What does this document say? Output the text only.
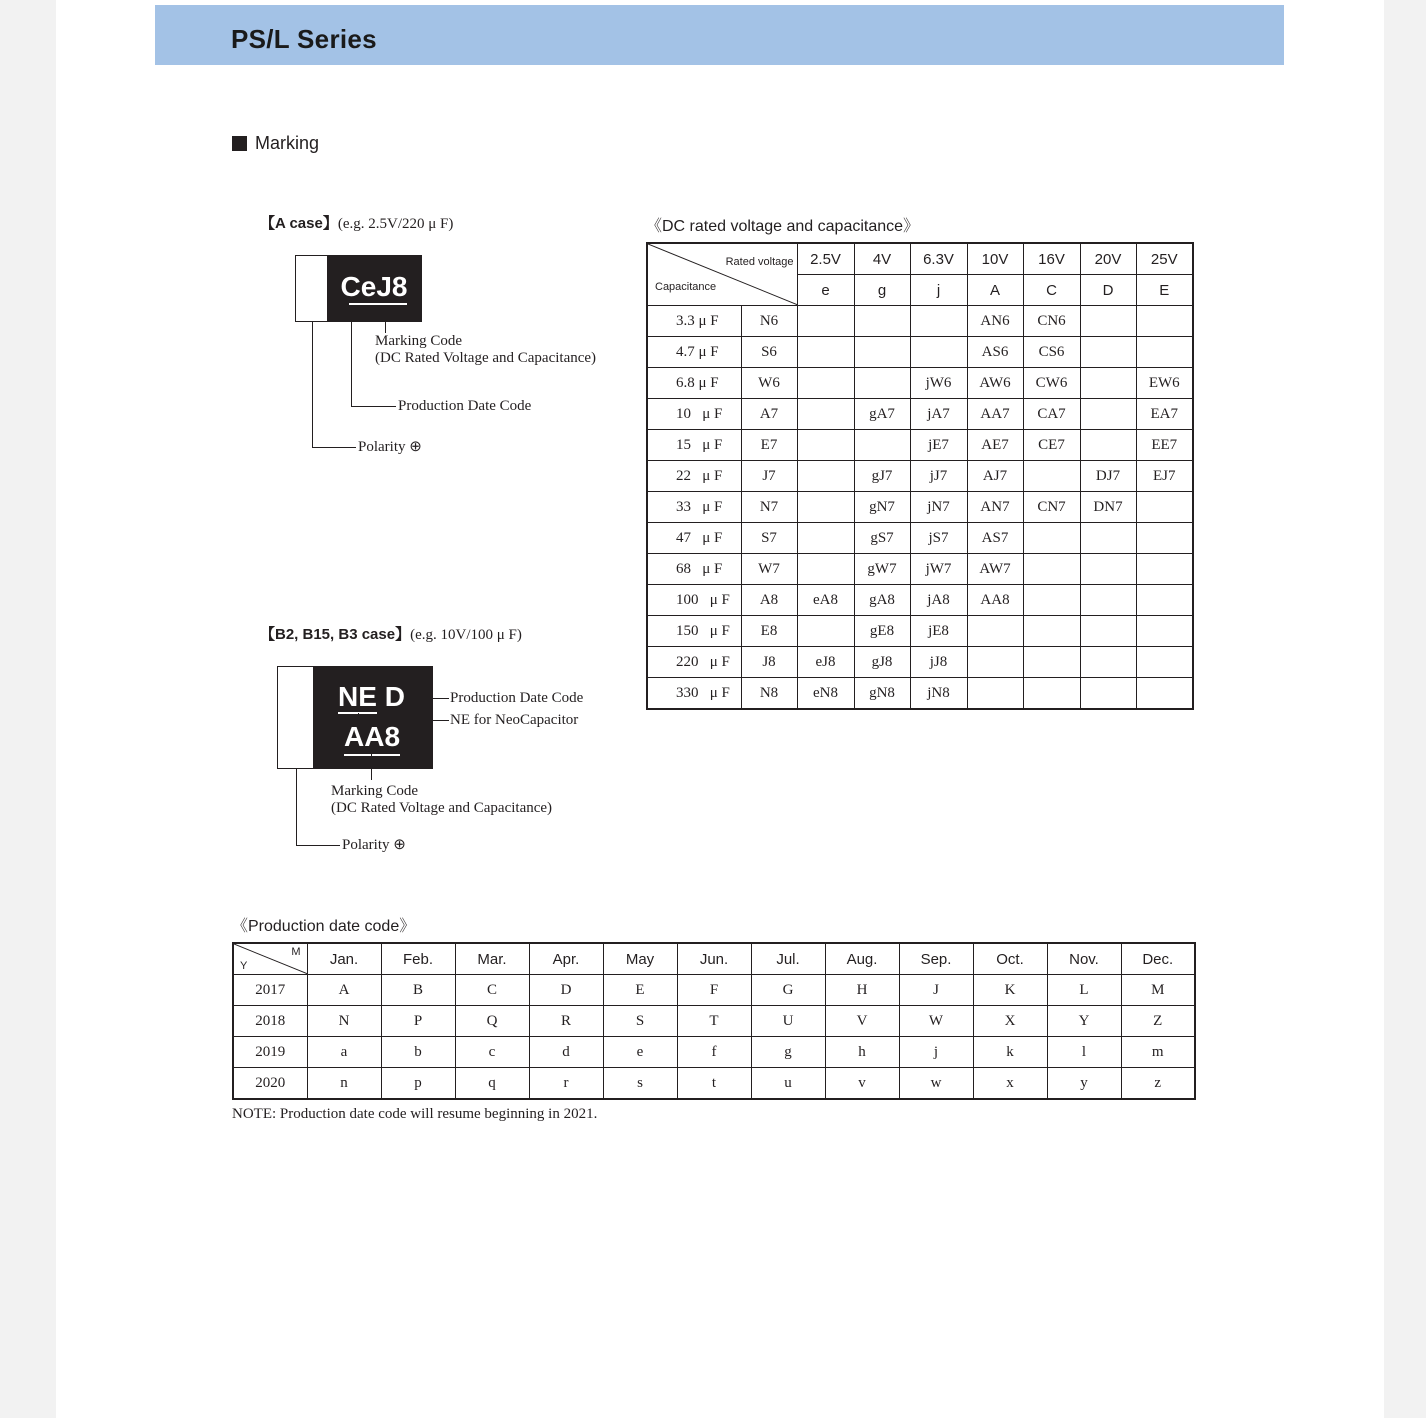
PS/L Series
Marking
【A case】(e.g. 2.5V/220 μ F)
CeJ8
Marking Code
(DC Rated Voltage and Capacitance)
Production Date Code
Polarity ⊕
【B2, B15, B3 case】(e.g. 10V/100 μ F)
NE D
AA8
Production Date Code
NE for NeoCapacitor
Marking Code
(DC Rated Voltage and Capacitance)
Polarity ⊕
《DC rated voltage and capacitance》
Rated voltage
Capacitance		2.5V	4V	6.3V	10V	16V	20V	25V
		e	g	j	A	C	D	E
3.3 μ F	N6				AN6	CN6		
4.7 μ F	S6				AS6	CS6		
6.8 μ F	W6			jW6	AW6	CW6		EW6
10   μ F	A7		gA7	jA7	AA7	CA7		EA7
15   μ F	E7			jE7	AE7	CE7		EE7
22   μ F	J7		gJ7	jJ7	AJ7		DJ7	EJ7
33   μ F	N7		gN7	jN7	AN7	CN7	DN7	
47   μ F	S7		gS7	jS7	AS7			
68   μ F	W7		gW7	jW7	AW7			
100   μ F	A8	eA8	gA8	jA8	AA8			
150   μ F	E8		gE8	jE8				
220   μ F	J8	eJ8	gJ8	jJ8				
330   μ F	N8	eN8	gN8	jN8				
《Production date code》
Y
M	Jan.	Feb.	Mar.	Apr.	May	Jun.	Jul.	Aug.	Sep.	Oct.	Nov.	Dec.
2017	A	B	C	D	E	F	G	H	J	K	L	M
2018	N	P	Q	R	S	T	U	V	W	X	Y	Z
2019	a	b	c	d	e	f	g	h	j	k	l	m
2020	n	p	q	r	s	t	u	v	w	x	y	z
NOTE: Production date code will resume beginning in 2021.
